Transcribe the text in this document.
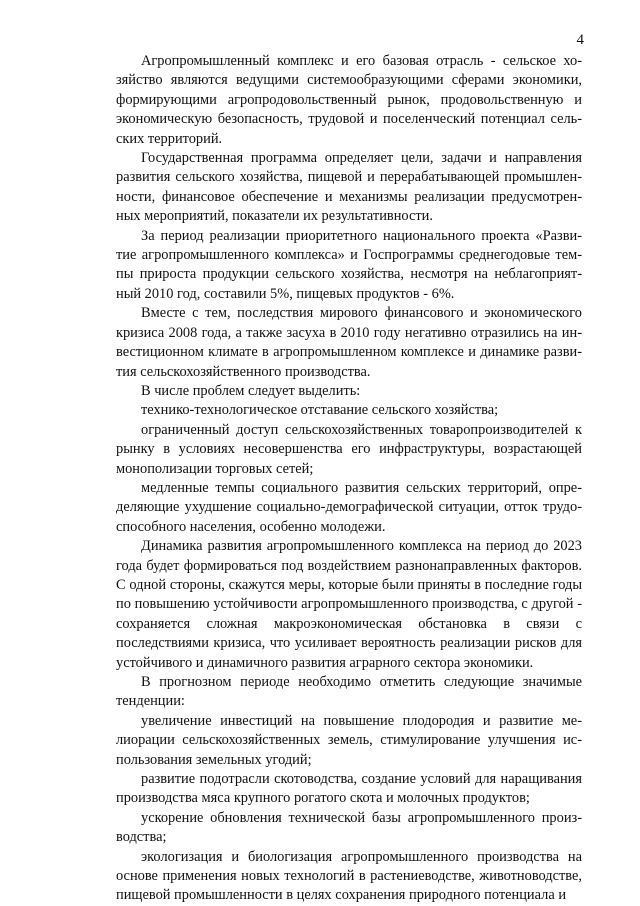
4

Агропромышленный комплекс и его базовая отрасль - сельское хозяйство являются ведущими системообразующими сферами экономики, формирующими агропродовольственный рынок, продовольственную и экономическую безопасность, трудовой и поселенческий потенциал сельских территорий.

Государственная программа определяет цели, задачи и направления развития сельского хозяйства, пищевой и перерабатывающей промышленности, финансовое обеспечение и механизмы реализации предусмотренных мероприятий, показатели их результативности.

За период реализации приоритетного национального проекта «Развитие агропромышленного комплекса» и Госпрограммы среднегодовые темпы прироста продукции сельского хозяйства, несмотря на неблагоприятный 2010 год, составили 5%, пищевых продуктов - 6%.

Вместе с тем, последствия мирового финансового и экономического кризиса 2008 года, а также засуха в 2010 году негативно отразились на инвестиционном климате в агропромышленном комплексе и динамике развития сельскохозяйственного производства.

В числе проблем следует выделить:

технико-технологическое отставание сельского хозяйства;

ограниченный доступ сельскохозяйственных товаропроизводителей к рынку в условиях несовершенства его инфраструктуры, возрастающей монополизации торговых сетей;

медленные темпы социального развития сельских территорий, определяющие ухудшение социально-демографической ситуации, отток трудоспособного населения, особенно молодежи.

Динамика развития агропромышленного комплекса на период до 2023 года будет формироваться под воздействием разнонаправленных факторов. С одной стороны, скажутся меры, которые были приняты в последние годы по повышению устойчивости агропромышленного производства, с другой - сохраняется сложная макроэкономическая обстановка в связи с последствиями кризиса, что усиливает вероятность реализации рисков для устойчивого и динамичного развития аграрного сектора экономики.

В прогнозном периоде необходимо отметить следующие значимые тенденции:

увеличение инвестиций на повышение плодородия и развитие мелиорации сельскохозяйственных земель, стимулирование улучшения использования земельных угодий;

развитие подотрасли скотоводства, создание условий для наращивания производства мяса крупного рогатого скота и молочных продуктов;

ускорение обновления технической базы агропромышленного производства;

экологизация и биологизация агропромышленного производства на основе применения новых технологий в растениеводстве, животноводстве, пищевой промышленности в целях сохранения природного потенциала и
